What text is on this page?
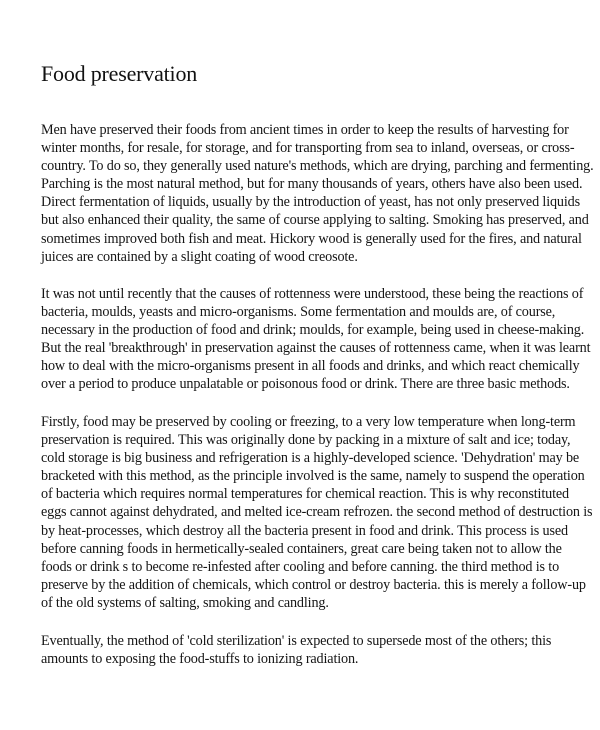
Food preservation

Men have preserved their foods from ancient times in order to keep the results of harvesting for
winter months, for resale, for storage, and for transporting from sea to inland, overseas, or cross-
country. To do so, they generally used nature's methods, which are drying, parching and fermenting.
Parching is the most natural method, but for many thousands of years, others have also been used.
Direct fermentation of liquids, usually by the introduction of yeast, has not only preserved liquids
but also enhanced their quality, the same of course applying to salting. Smoking has preserved, and
sometimes improved both fish and meat. Hickory wood is generally used for the fires, and natural
juices are contained by a slight coating of wood creosote.

It was not until recently that the causes of rottenness were understood, these being the reactions of
bacteria, moulds, yeasts and micro-organisms. Some fermentation and moulds are, of course,
necessary in the production of food and drink; moulds, for example, being used in cheese-making.
But the real 'breakthrough' in preservation against the causes of rottenness came, when it was learnt
how to deal with the micro-organisms present in all foods and drinks, and which react chemically
over a period to produce unpalatable or poisonous food or drink. There are three basic methods.

Firstly, food may be preserved by cooling or freezing, to a very low temperature when long-term
preservation is required. This was originally done by packing in a mixture of salt and ice; today,
cold storage is big business and refrigeration is a highly-developed science. 'Dehydration' may be
bracketed with this method, as the principle involved is the same, namely to suspend the operation
of bacteria which requires normal temperatures for chemical reaction. This is why reconstituted
eggs cannot against dehydrated, and melted ice-cream refrozen. the second method of destruction is
by heat-processes, which destroy all the bacteria present in food and drink. This process is used
before canning foods in hermetically-sealed containers, great care being taken not to allow the
foods or drink s to become re-infested after cooling and before canning. the third method is to
preserve by the addition of chemicals, which control or destroy bacteria. this is merely a follow-up
of the old systems of salting, smoking and candling.

Eventually, the method of 'cold sterilization' is expected to supersede most of the others; this
amounts to exposing the food-stuffs to ionizing radiation.
